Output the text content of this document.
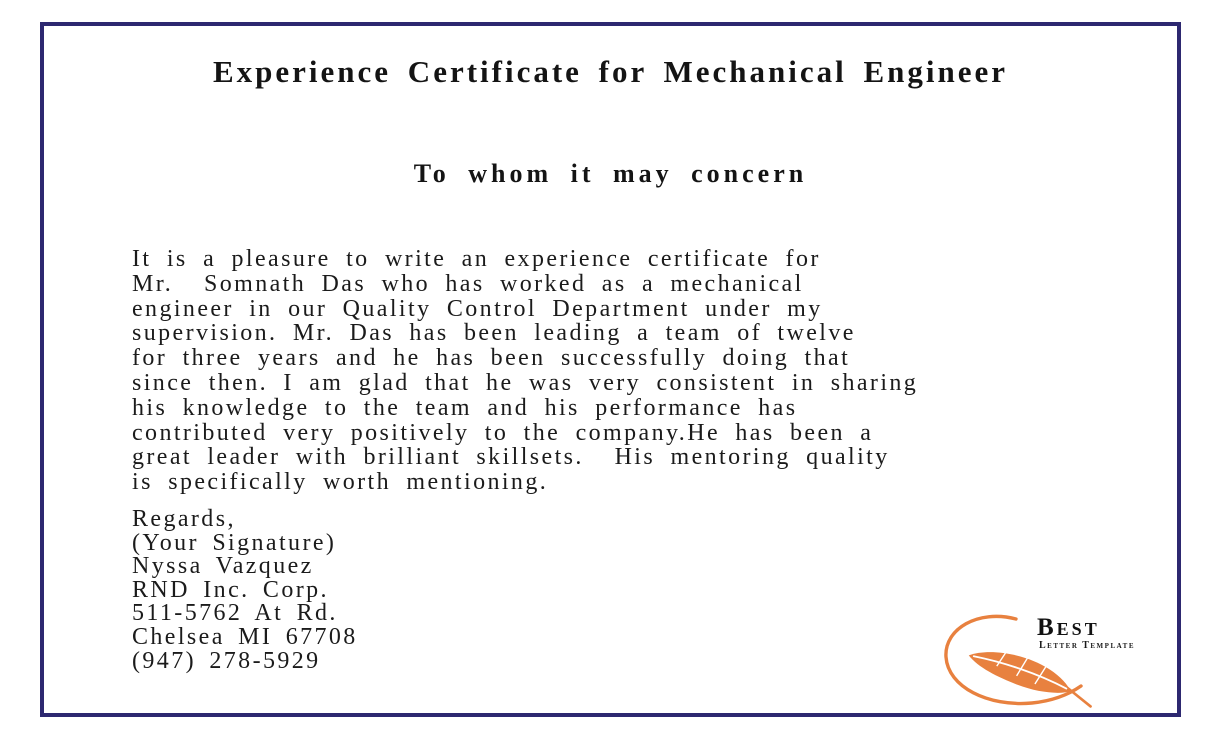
Experience Certificate for Mechanical Engineer
To whom it may concern
It is a pleasure to write an experience certificate for
Mr.  Somnath Das who has worked as a mechanical
engineer in our Quality Control Department under my
supervision. Mr. Das has been leading a team of twelve
for three years and he has been successfully doing that
since then. I am glad that he was very consistent in sharing
his knowledge to the team and his performance has
contributed very positively to the company.He has been a
great leader with brilliant skillsets.  His mentoring quality
is specifically worth mentioning.
Regards,
(Your Signature)
Nyssa Vazquez
RND Inc. Corp.
511-5762 At Rd.
Chelsea MI 67708
(947) 278-5929
Best
Letter Template
